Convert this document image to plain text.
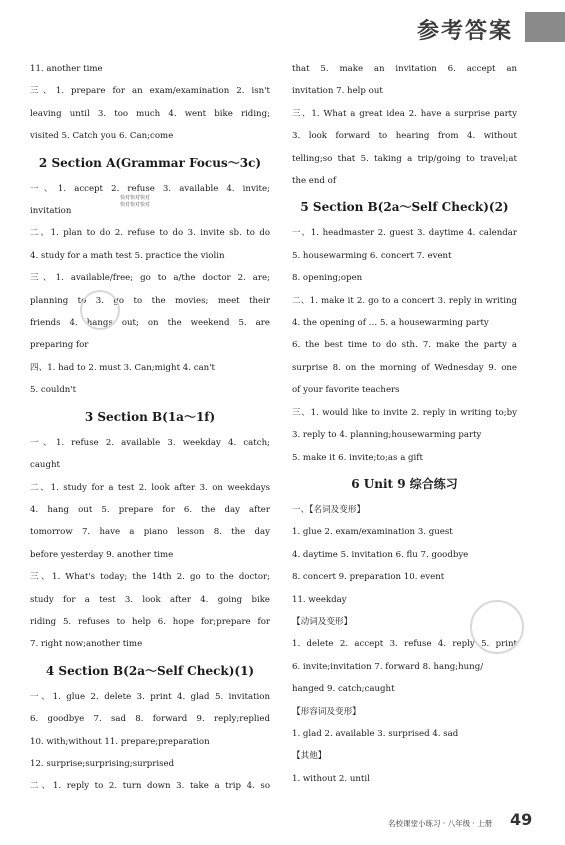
参考答案
11. another time
三、1. prepare for an exam/examination 2. isn't
leaving until 3. too much 4. went bike riding;
visited 5. Catch you 6. Can;come
2 Section A(Grammar Focus～3c)
一、1. accept 2. refuse 3. available 4. invite;
invitation
二、1. plan to do 2. refuse to do 3. invite sb. to do
4. study for a math test 5. practice the violin
三、1. available/free; go to a/the doctor 2. are;
planning to 3. go to the movies; meet their
friends 4. hangs out; on the weekend 5. are
preparing for
四、1. had to 2. must 3. Can;might 4. can't
5. couldn't
3 Section B(1a～1f)
一、1. refuse 2. available 3. weekday 4. catch;
caught
二、1. study for a test 2. look after 3. on weekdays
4. hang out 5. prepare for 6. the day after
tomorrow 7. have a piano lesson 8. the day
before yesterday 9. another time
三、1. What's today; the 14th 2. go to the doctor;
study for a test 3. look after 4. going bike
riding 5. refuses to help 6. hope for;prepare for
7. right now;another time
4 Section B(2a～Self Check)(1)
一、1. glue 2. delete 3. print 4. glad 5. invitation
6. goodbye 7. sad 8. forward 9. reply;replied
10. with;without 11. prepare;preparation
12. surprise;surprising;surprised
二、1. reply to 2. turn down 3. take a trip 4. so
that 5. make an invitation 6. accept an
invitation 7. help out
三、1. What a great idea 2. have a surprise party
3. look forward to hearing from 4. without
telling;so that 5. taking a trip/going to travel;at
the end of
5 Section B(2a～Self Check)(2)
一、1. headmaster 2. guest 3. daytime 4. calendar
5. housewarming 6. concert 7. event
8. opening;open
二、1. make it 2. go to a concert 3. reply in writing
4. the opening of … 5. a housewarming party
6. the best time to do sth. 7. make the party a
surprise 8. on the morning of Wednesday 9. one
of your favorite teachers
三、1. would like to invite 2. reply in writing to;by
3. reply to 4. planning;housewarming party
5. make it 6. invite;to;as a gift
6 Unit 9 综合练习
一、【名词及变形】
1. glue 2. exam/examination 3. guest
4. daytime 5. invitation 6. flu 7. goodbye
8. concert 9. preparation 10. event
11. weekday
【动词及变形】
1. delete 2. accept 3. refuse 4. reply 5. print
6. invite;invitation 7. forward 8. hang;hung/
hanged 9. catch;caught
【形容词及变形】
1. glad 2. available 3. surprised 4. sad
【其他】
1. without 2. until
快对快对快对
快对快对快对
名校课堂小练习 · 八年级 · 上册 49
